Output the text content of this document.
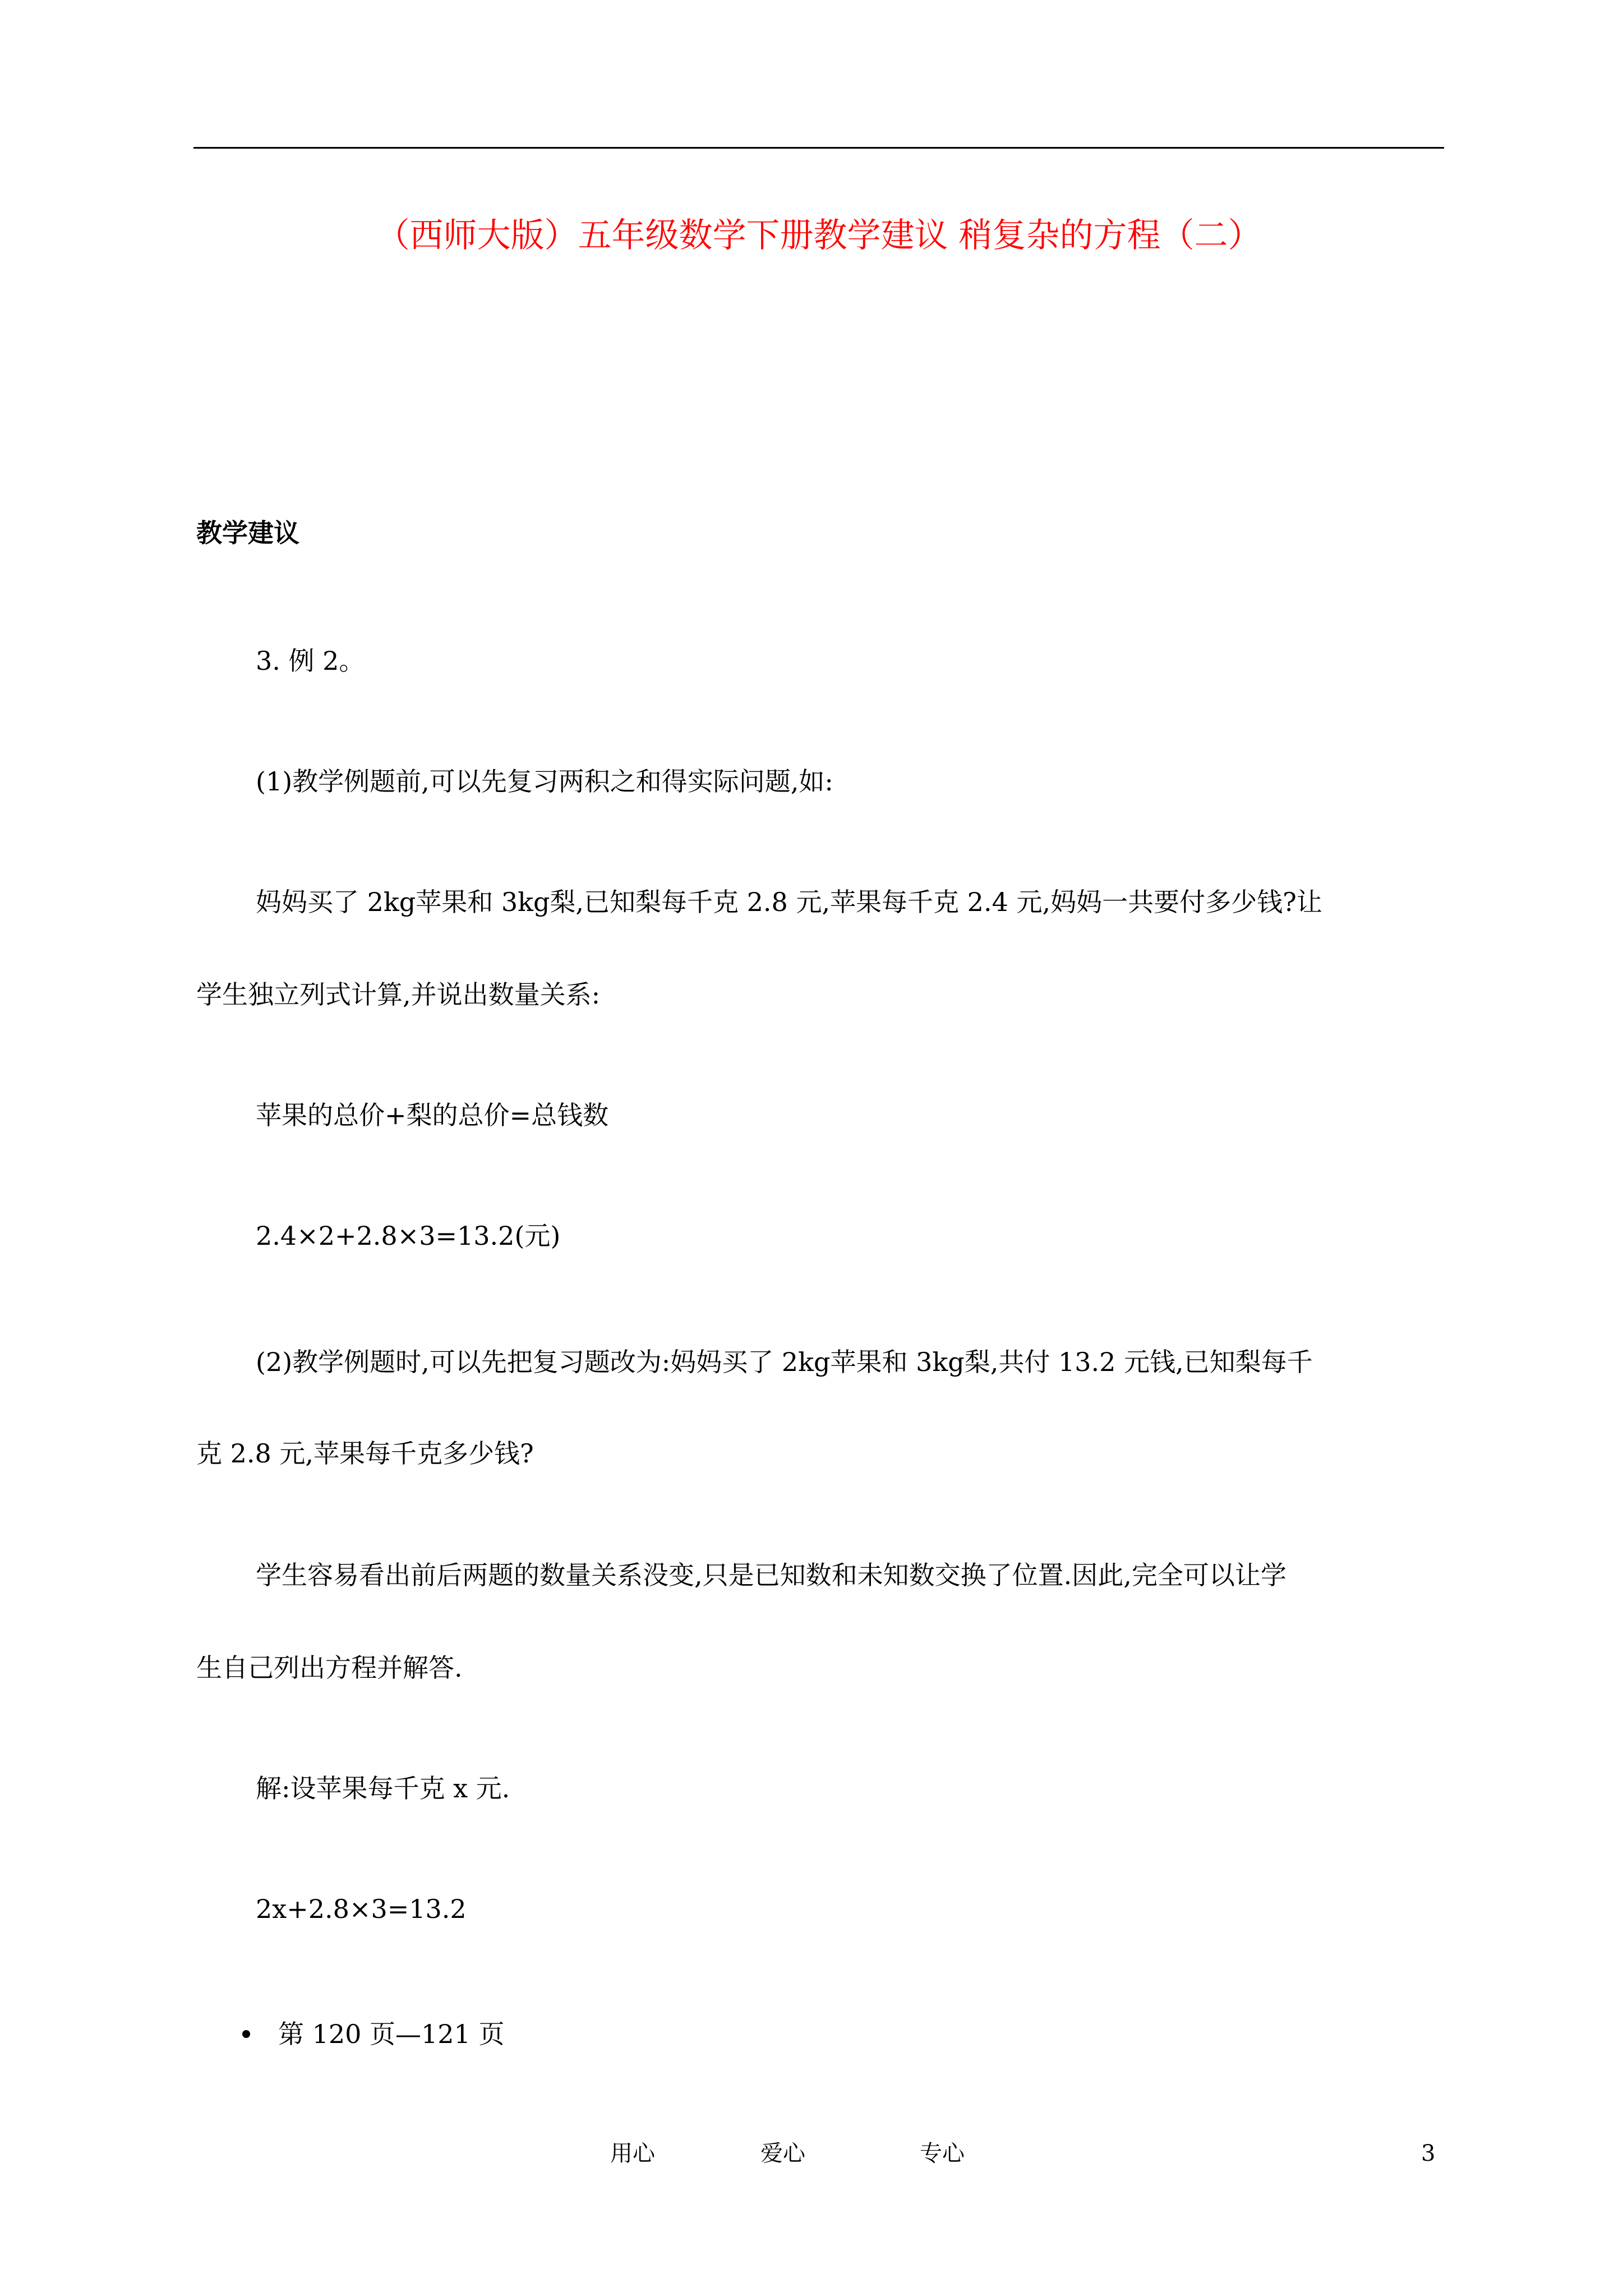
（西师大版）五年级数学下册教学建议 稍复杂的方程（二）
教学建议
3. 例 2。
(1)教学例题前,可以先复习两积之和得实际问题,如:
妈妈买了 2kg苹果和 3kg梨,已知梨每千克 2.8 元,苹果每千克 2.4 元,妈妈一共要付多少钱?让
学生独立列式计算,并说出数量关系:
苹果的总价+梨的总价=总钱数
2.4×2+2.8×3=13.2(元)
(2)教学例题时,可以先把复习题改为:妈妈买了 2kg苹果和 3kg梨,共付 13.2 元钱,已知梨每千
克 2.8 元,苹果每千克多少钱?
学生容易看出前后两题的数量关系没变,只是已知数和未知数交换了位置.因此,完全可以让学
生自己列出方程并解答.
解:设苹果每千克 x 元.
2x+2.8×3=13.2
第 120 页—121 页
用心	爱心	专心	3
